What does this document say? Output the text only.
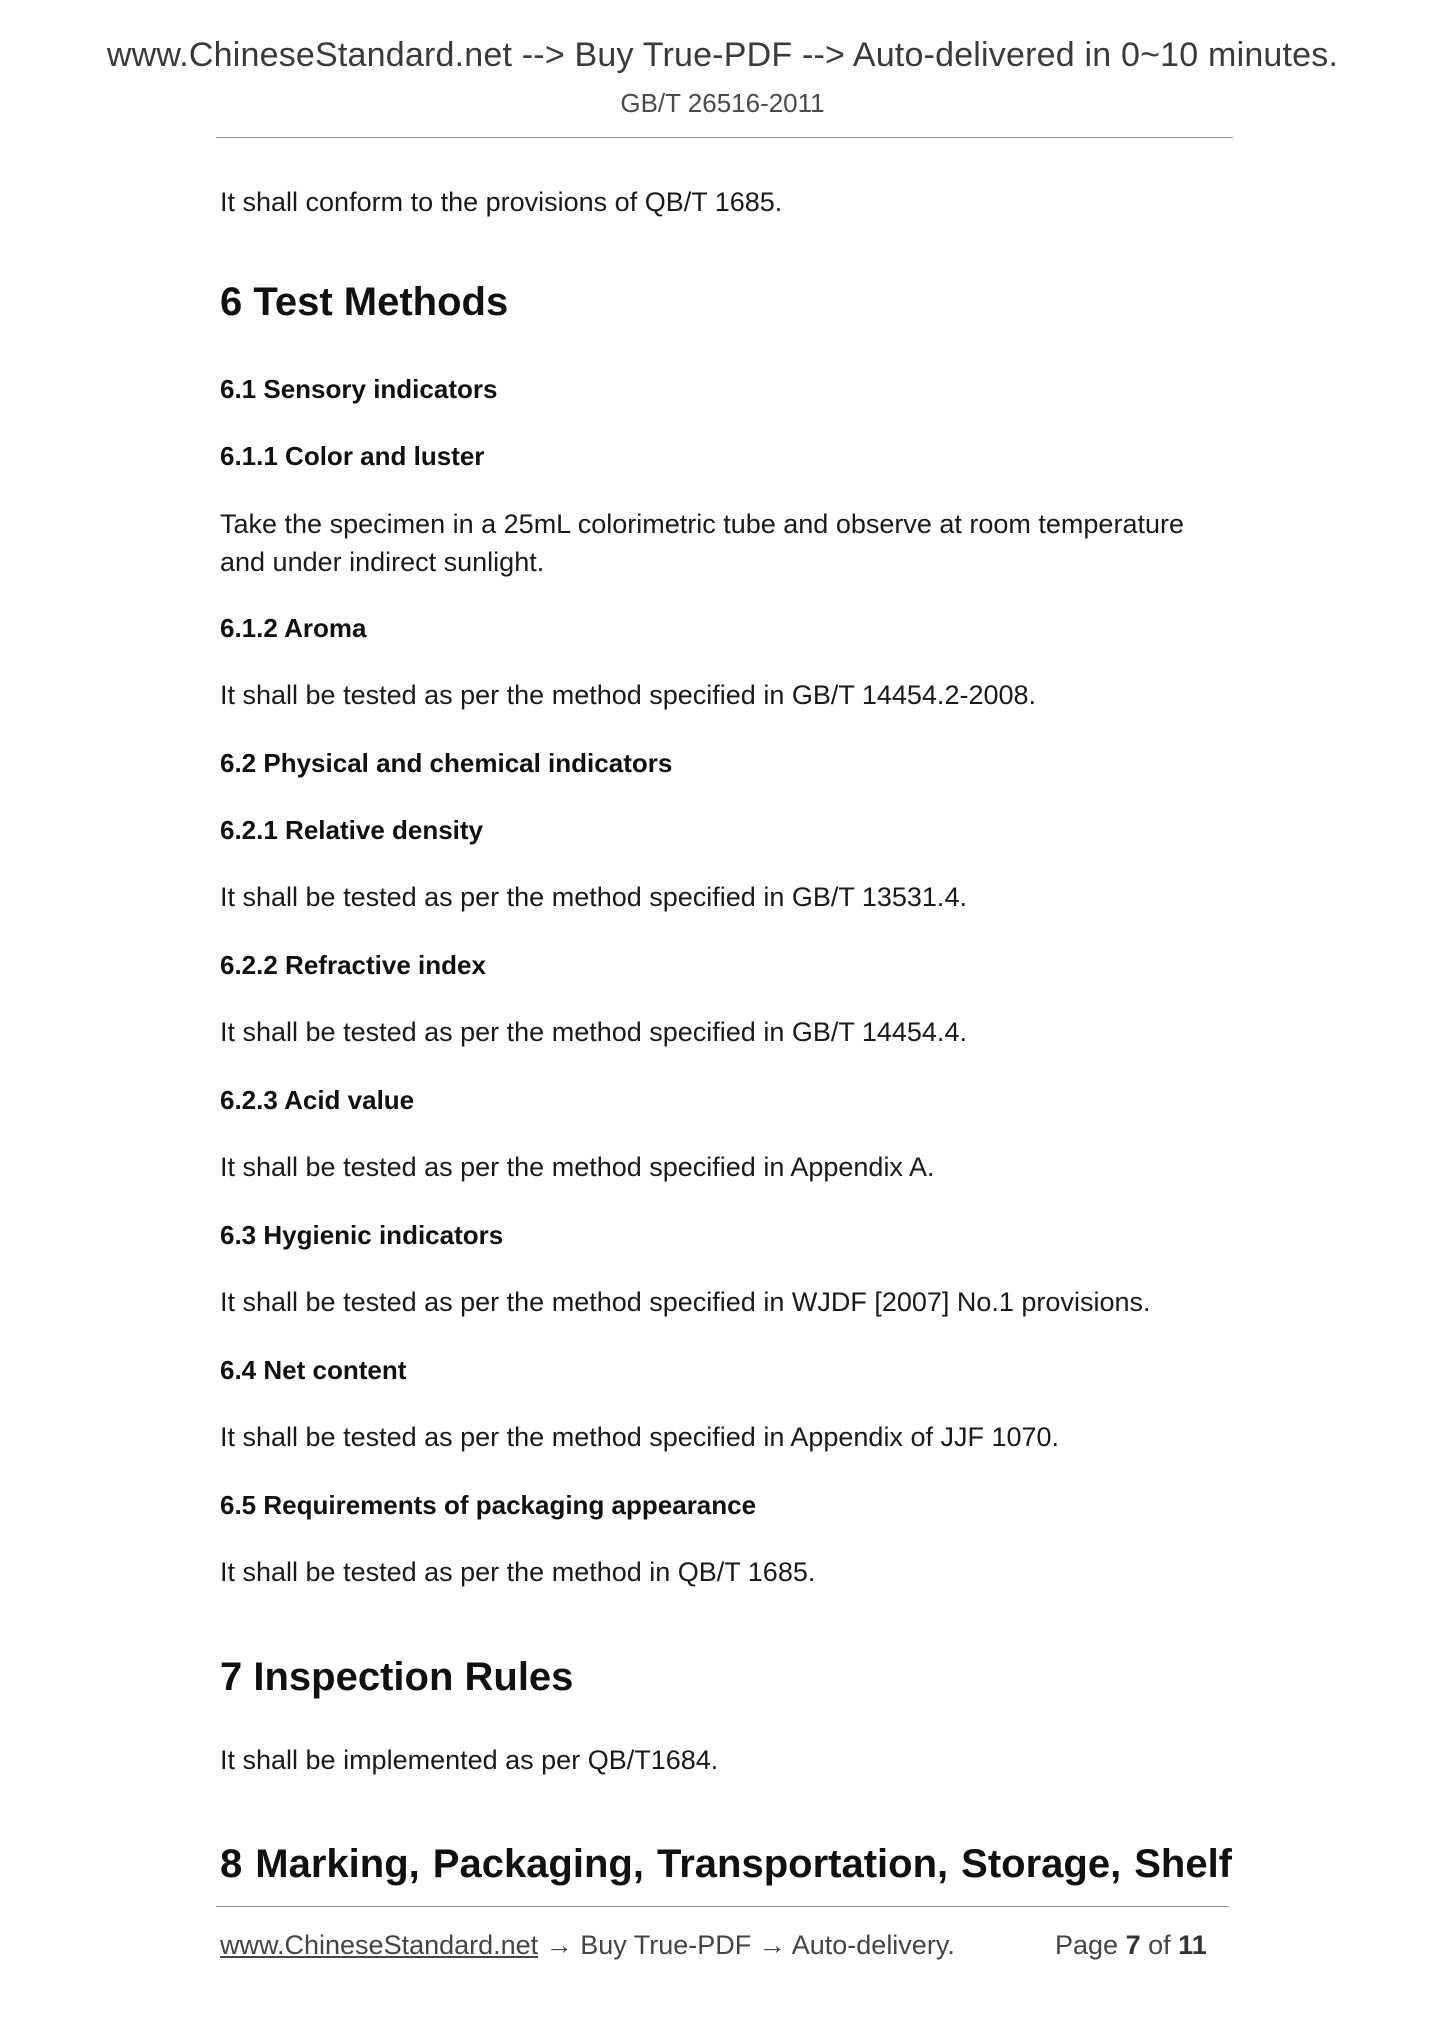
www.ChineseStandard.net --> Buy True-PDF --> Auto-delivered in 0~10 minutes.
GB/T 26516-2011
It shall conform to the provisions of QB/T 1685.
6 Test Methods
6.1 Sensory indicators
6.1.1 Color and luster
Take the specimen in a 25mL colorimetric tube and observe at room temperature and under indirect sunlight.
6.1.2 Aroma
It shall be tested as per the method specified in GB/T 14454.2-2008.
6.2 Physical and chemical indicators
6.2.1 Relative density
It shall be tested as per the method specified in GB/T 13531.4.
6.2.2 Refractive index
It shall be tested as per the method specified in GB/T 14454.4.
6.2.3 Acid value
It shall be tested as per the method specified in Appendix A.
6.3 Hygienic indicators
It shall be tested as per the method specified in WJDF [2007] No.1 provisions.
6.4 Net content
It shall be tested as per the method specified in Appendix of JJF 1070.
6.5 Requirements of packaging appearance
It shall be tested as per the method in QB/T 1685.
7 Inspection Rules
It shall be implemented as per QB/T1684.
8 Marking, Packaging, Transportation, Storage, Shelf
www.ChineseStandard.net → Buy True-PDF → Auto-delivery.	Page 7 of 11
